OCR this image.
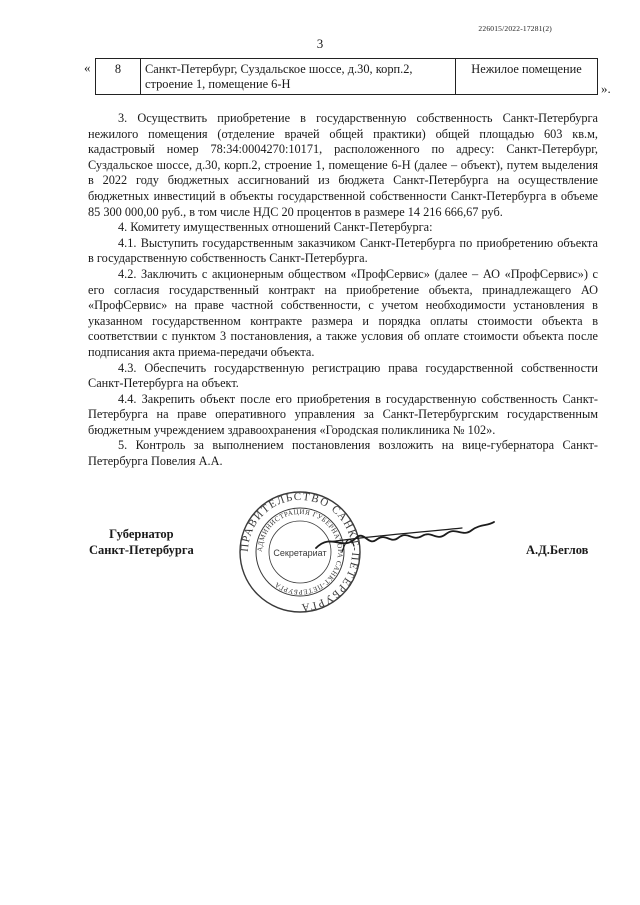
226015/2022-17281(2)
3
« 8	Санкт-Петербург, Суздальское шоссе, д.30, корп.2, строение 1, помещение 6-Н	Нежилое помещение
».

3. Осуществить приобретение в государственную собственность Санкт-Петербурга нежилого помещения (отделение врачей общей практики) общей площадью 603 кв.м, кадастровый номер 78:34:0004270:10171, расположенного по адресу: Санкт-Петербург, Суздальское шоссе, д.30, корп.2, строение 1, помещение 6-Н (далее – объект), путем выделения в 2022 году бюджетных ассигнований из бюджета Санкт-Петербурга на осуществление бюджетных инвестиций в объекты государственной собственности Санкт-Петербурга в объеме 85 300 000,00 руб., в том числе НДС 20 процентов в размере 14 216 666,67 руб.

4. Комитету имущественных отношений Санкт-Петербурга:

4.1. Выступить государственным заказчиком Санкт-Петербурга по приобретению объекта в государственную собственность Санкт-Петербурга.

4.2. Заключить с акционерным обществом «ПрофСервис» (далее – АО «ПрофСервис») с его согласия государственный контракт на приобретение объекта, принадлежащего АО «ПрофСервис» на праве частной собственности, с учетом необходимости установления в указанном государственном контракте размера и порядка оплаты стоимости объекта в соответствии с пунктом 3 постановления, а также условия об оплате стоимости объекта после подписания акта приема-передачи объекта.

4.3. Обеспечить государственную регистрацию права государственной собственности Санкт-Петербурга на объект.

4.4. Закрепить объект после его приобретения в государственную собственность Санкт-Петербурга на праве оперативного управления за Санкт-Петербургским государственным бюджетным учреждением здравоохранения «Городская поликлиника № 102».

5. Контроль за выполнением постановления возложить на вице-губернатора Санкт-Петербурга Повелия А.А.

Губернатор
Санкт-Петербурга	ПРАВИТЕЛЬСТВО САНКТ-ПЕТЕРБУРГА
АДМИНИСТРАЦИЯ ГУБЕРНАТОРА САНКТ-ПЕТЕРБУРГА
Секретариат	А.Д.Беглов
